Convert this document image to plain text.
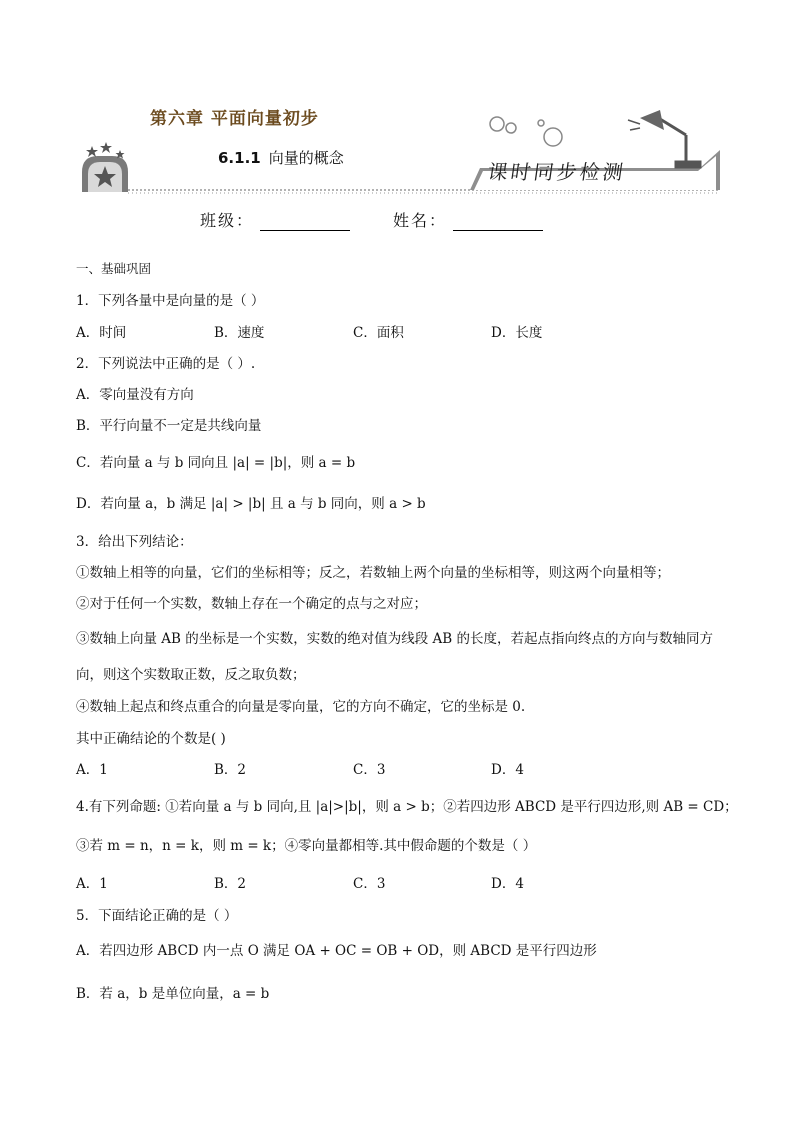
第六章 平面向量初步
6.1.1 向量的概念
课时同步检测
班级：	姓名：
一、基础巩固
1．下列各量中是向量的是（ ）
A．时间	B．速度	C．面积	D．长度
2．下列说法中正确的是（ ）.
A．零向量没有方向
B．平行向量不一定是共线向量
C．若向量 a 与 b 同向且 |a| = |b|，则 a = b
D．若向量 a，b 满足 |a| > |b| 且 a 与 b 同向，则 a > b
3．给出下列结论：
①数轴上相等的向量，它们的坐标相等；反之，若数轴上两个向量的坐标相等，则这两个向量相等；
②对于任何一个实数，数轴上存在一个确定的点与之对应；
③数轴上向量 AB 的坐标是一个实数，实数的绝对值为线段 AB 的长度，若起点指向终点的方向与数轴同方
向，则这个实数取正数，反之取负数；
④数轴上起点和终点重合的向量是零向量，它的方向不确定，它的坐标是 0.
其中正确结论的个数是( )
A．1	B．2	C．3	D．4
4.有下列命题: ①若向量 a 与 b 同向,且 |a|>|b|，则 a > b；②若四边形 ABCD 是平行四边形,则 AB = CD；
③若 m = n，n = k，则 m = k；④零向量都相等.其中假命题的个数是（ ）
A．1	B．2	C．3	D．4
5．下面结论正确的是（ ）
A．若四边形 ABCD 内一点 O 满足 OA + OC = OB + OD，则 ABCD 是平行四边形
B．若 a，b 是单位向量，a = b
